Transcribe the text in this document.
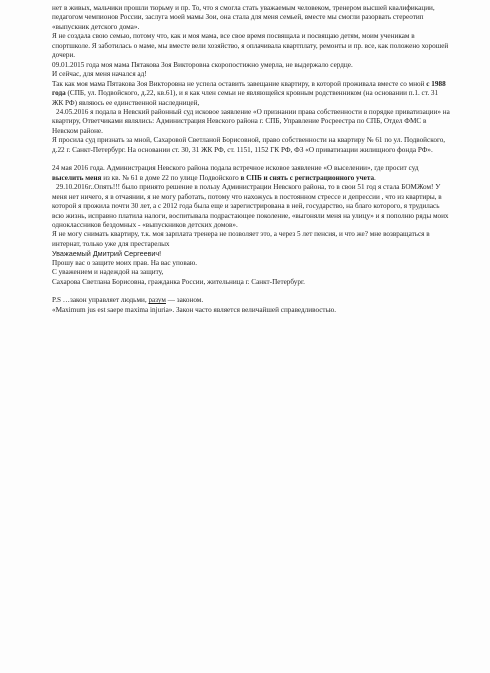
нет в живых, мальчики прошли тюрьму и пр. То, что я смогла стать уважаемым человеком, тренером высшей квалификации, педагогом чемпионов России, заслуга моей мамы Зои, она стала для меня семьей, вместе мы смогли разорвать стереотип «выпускник детского дома».

Я не создала свою семью, потому что, как и моя мама, все свое время посвящала и посвящаю детям, моим ученикам в спортшколе. Я заботилась о маме, мы вместе вели хозяйство, я оплачивала квартплату, ремонты и пр. все, как положено хорошей дочери.

09.01.2015 года моя мама Пятакова Зоя Викторовна скоропостижно умерла, не выдержало сердце.

И сейчас, для меня начался ад!

Так как моя мама Пятакова Зоя Викторовна не успела оставить завещание квартиру, в которой проживала вместе со мной с 1988 года (СПБ, ул. Подвойского, д.22, кв.61), и я как член семьи не являющейся кровным родственником (на основании п.1. ст. 31 ЖК РФ) являюсь ее единственной наследницей,

24.05.2016 я подала в Невский районный суд исковое заявление «О признании права собственности в порядке приватизации» на квартиру, Ответчиками являлись: Администрация Невского района г. СПБ, Управление Росреестра по СПБ, Отдел ФМС в Невском районе.

Я просила суд признать за мной, Сахаровой Светланой Борисовной, право собственности на квартиру № 61 по ул. Подвойского, д.22 г. Санкт-Петербург. На основании ст. 30, 31 ЖК РФ, ст. 1151, 1152 ГК РФ, ФЗ «О приватизации жилищного фонда РФ».

24 мая 2016 года. Администрация Невского района подала встречное исковое заявление «О выселении», где просит суд выселить меня из кв. № 61 в доме 22 по улице Подвойского в СПБ и снять с регистрационного учета.

29.10.2016г..Опять!!! было принято решение в пользу Администрации Невского района, то в свои 51 год я стала БОМЖом! У меня нет ничего, я в отчаянии, я не могу работать, потому что нахожусь в постоянном стрессе и депрессии , что из квартиры, в которой я прожила почти 30 лет, а с 2012 года была еще и зарегистрирована в ней, государство, на благо которого, я трудилась всю жизнь, исправно платила налоги, воспитывала подрастающее поколение, «выгоняли меня на улицу» и я пополню ряды моих одноклассников бездомных - «выпускников детских домов».

Я не могу снимать квартиру, т.к. моя зарплата тренера не позволяет это, а через 5 лет пенсия, и что же? мне возвращаться в интернат, только уже для престарелых

Уважаемый Дмитрий Сергеевич!

Прошу вас о защите моих прав. На вас уповаю.

С уважением и надеждой на защиту,

Сахарова Светлана Борисовна, гражданка России, жительница г. Санкт-Петербург.

P.S …закон управляет людьми, разум — законом.

«Maximum jus est saepe maxima injuria». Закон часто является величайшей справедливостью.
